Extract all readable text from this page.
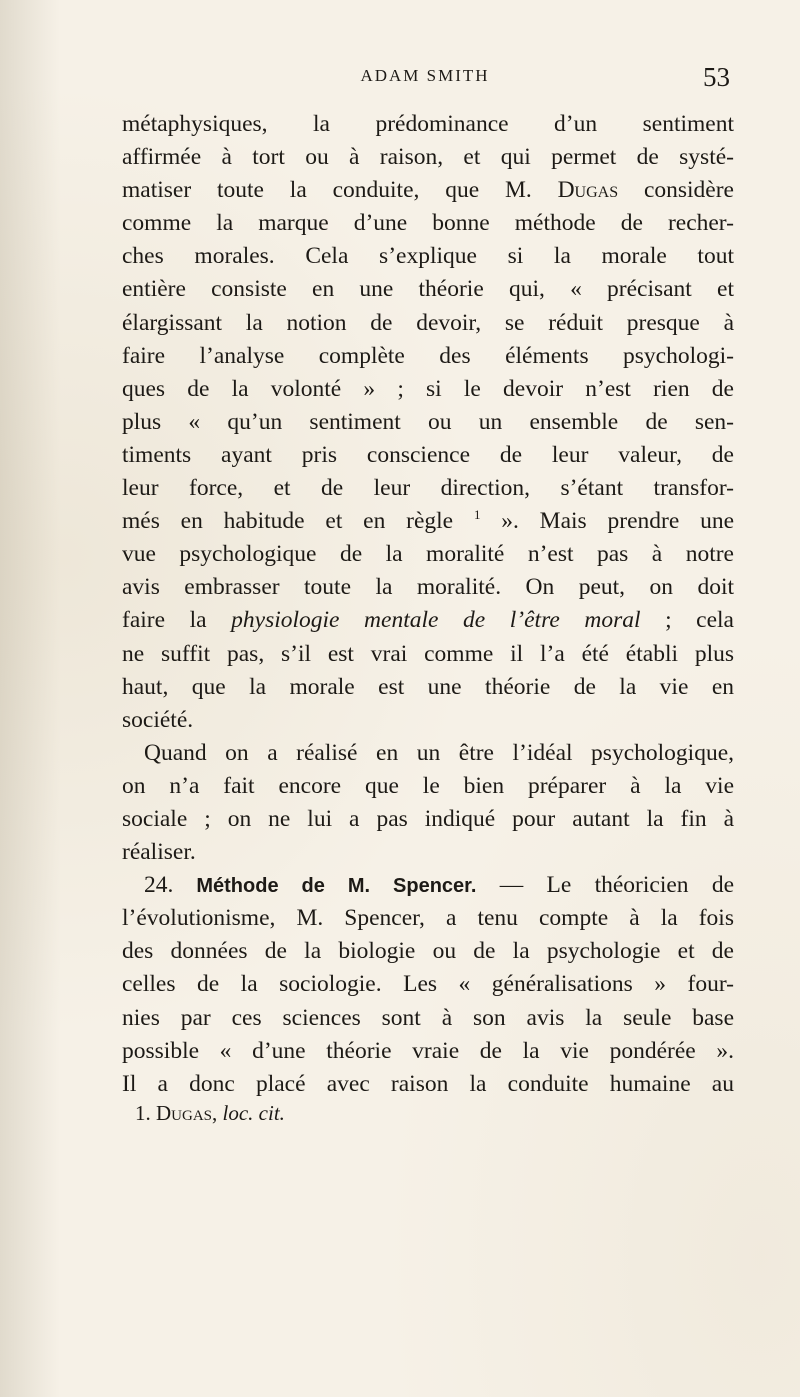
ADAM SMITH	53
métaphysiques, la prédominance d’un sentiment
affirmée à tort ou à raison, et qui permet de systé-
matiser toute la conduite, que M. Dugas considère
comme la marque d’une bonne méthode de recher-
ches morales. Cela s’explique si la morale tout
entière consiste en une théorie qui, « précisant et
élargissant la notion de devoir, se réduit presque à
faire l’analyse complète des éléments psychologi-
ques de la volonté » ; si le devoir n’est rien de
plus « qu’un sentiment ou un ensemble de sen-
timents ayant pris conscience de leur valeur, de
leur force, et de leur direction, s’étant transfor-
més en habitude et en règle $^1$ ». Mais prendre une
vue psychologique de la moralité n’est pas à notre
avis embrasser toute la moralité. On peut, on doit
faire la physiologie mentale de l’être moral ; cela
ne suffit pas, s’il est vrai comme il l’a été établi plus
haut, que la morale est une théorie de la vie en
société.
Quand on a réalisé en un être l’idéal psychologique,
on n’a fait encore que le bien préparer à la vie
sociale ; on ne lui a pas indiqué pour autant la fin à
réaliser.
24. Méthode de M. Spencer. — Le théoricien de
l’évolutionisme, M. Spencer, a tenu compte à la fois
des données de la biologie ou de la psychologie et de
celles de la sociologie. Les « généralisations » four-
nies par ces sciences sont à son avis la seule base
possible « d’une théorie vraie de la vie pondérée ».
Il a donc placé avec raison la conduite humaine au
1. Dugas, loc. cit.
